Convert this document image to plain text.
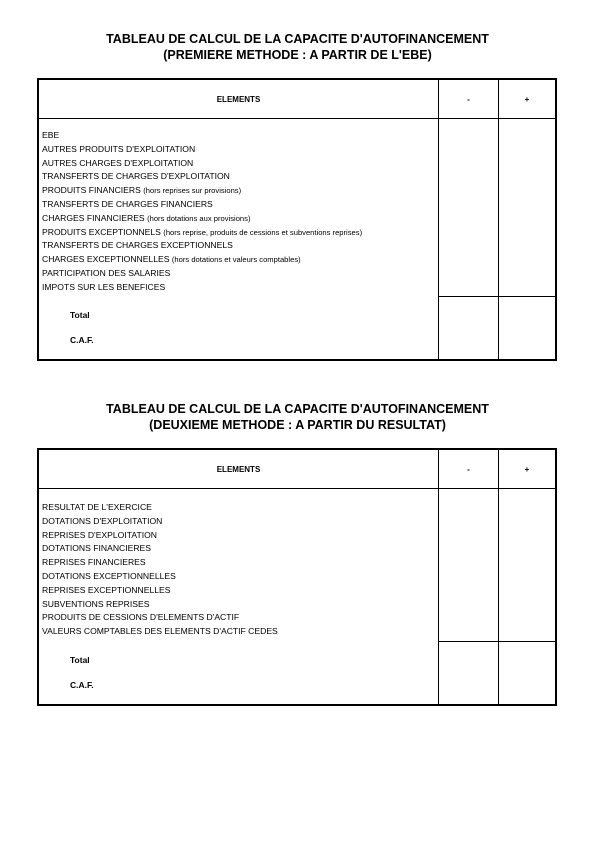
TABLEAU DE CALCUL DE LA CAPACITE D'AUTOFINANCEMENT
(PREMIERE METHODE : A PARTIR DE L'EBE)
ELEMENTS	-	+
EBE
AUTRES PRODUITS D'EXPLOITATION
AUTRES CHARGES D'EXPLOITATION
TRANSFERTS DE CHARGES D'EXPLOITATION
PRODUITS FINANCIERS (hors reprises sur provisions)
TRANSFERTS DE CHARGES FINANCIERS
CHARGES FINANCIERES (hors dotations aux provisions)
PRODUITS EXCEPTIONNELS (hors reprise, produits de cessions et subventions reprises)
TRANSFERTS DE CHARGES EXCEPTIONNELS
CHARGES EXCEPTIONNELLES (hors dotations et valeurs comptables)
PARTICIPATION DES SALARIES
IMPOTS SUR LES BENEFICES
Total
C.A.F.
TABLEAU DE CALCUL DE LA CAPACITE D'AUTOFINANCEMENT
(DEUXIEME METHODE : A PARTIR DU RESULTAT)
ELEMENTS	-	+
RESULTAT DE L'EXERCICE
DOTATIONS D'EXPLOITATION
REPRISES D'EXPLOITATION
DOTATIONS FINANCIERES
REPRISES FINANCIERES
DOTATIONS EXCEPTIONNELLES
REPRISES EXCEPTIONNELLES
SUBVENTIONS REPRISES
PRODUITS DE CESSIONS D'ELEMENTS D'ACTIF
VALEURS COMPTABLES DES ELEMENTS D'ACTIF CEDES
Total
C.A.F.
